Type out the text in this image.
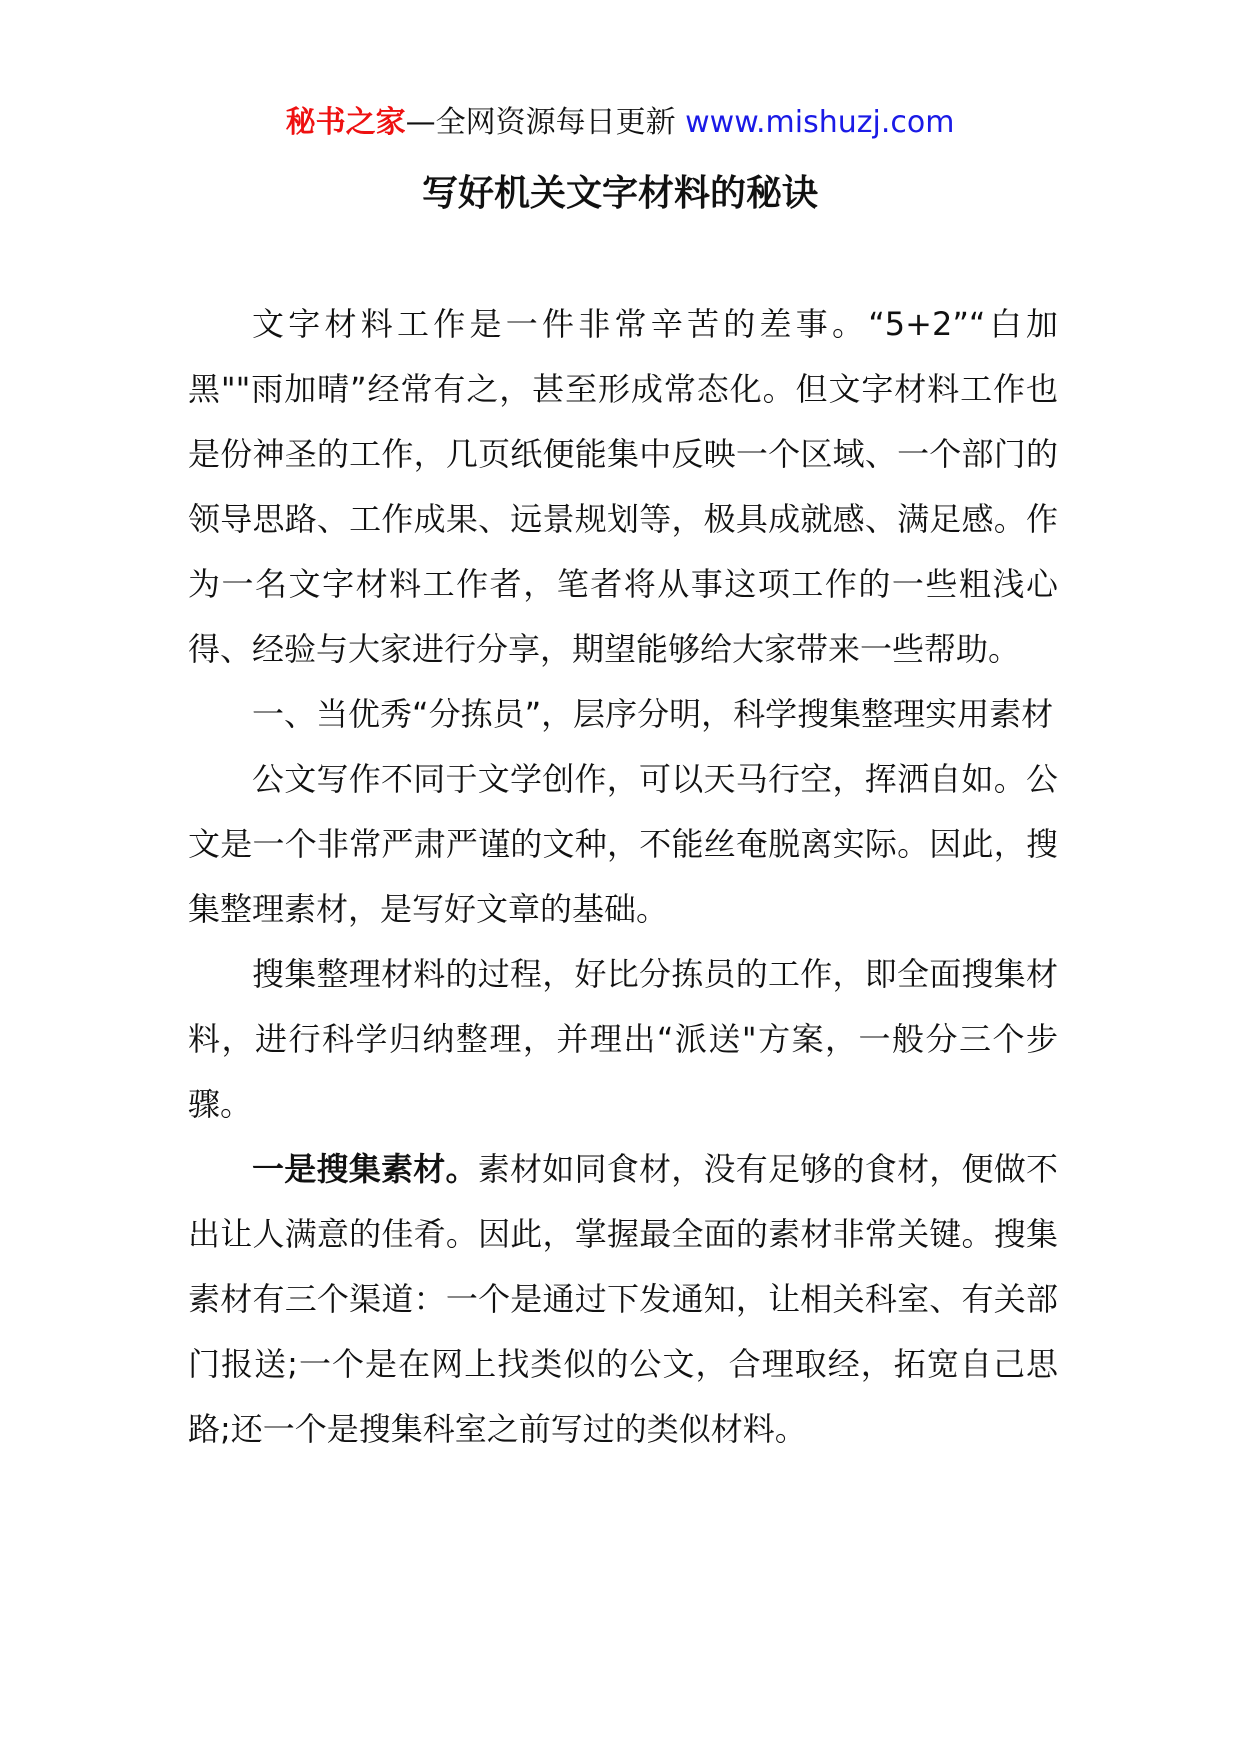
秘书之家—全网资源每日更新 www.mishuzj.com
写好机关文字材料的秘诀

文字材料工作是一件非常辛苦的差事。“5+2”“白加黑""雨加晴”经常有之，甚至形成常态化。但文字材料工作也是份神圣的工作，几页纸便能集中反映一个区域、一个部门的领导思路、工作成果、远景规划等，极具成就感、满足感。作为一名文字材料工作者，笔者将从事这项工作的一些粗浅心得、经验与大家进行分享，期望能够给大家带来一些帮助。

一、当优秀“分拣员”，层序分明，科学搜集整理实用素材

公文写作不同于文学创作，可以天马行空，挥洒自如。公文是一个非常严肃严谨的文种，不能丝奄脱离实际。因此，搜集整理素材，是写好文章的基础。

搜集整理材料的过程，好比分拣员的工作，即全面搜集材料，进行科学归纳整理，并理出“派送"方案，一般分三个步骤。

一是搜集素材。素材如同食材，没有足够的食材，便做不出让人满意的佳肴。因此，掌握最全面的素材非常关键。搜集素材有三个渠道：一个是通过下发通知，让相关科室、有关部门报送;一个是在网上找类似的公文，合理取经，拓宽自己思路;还一个是搜集科室之前写过的类似材料。
